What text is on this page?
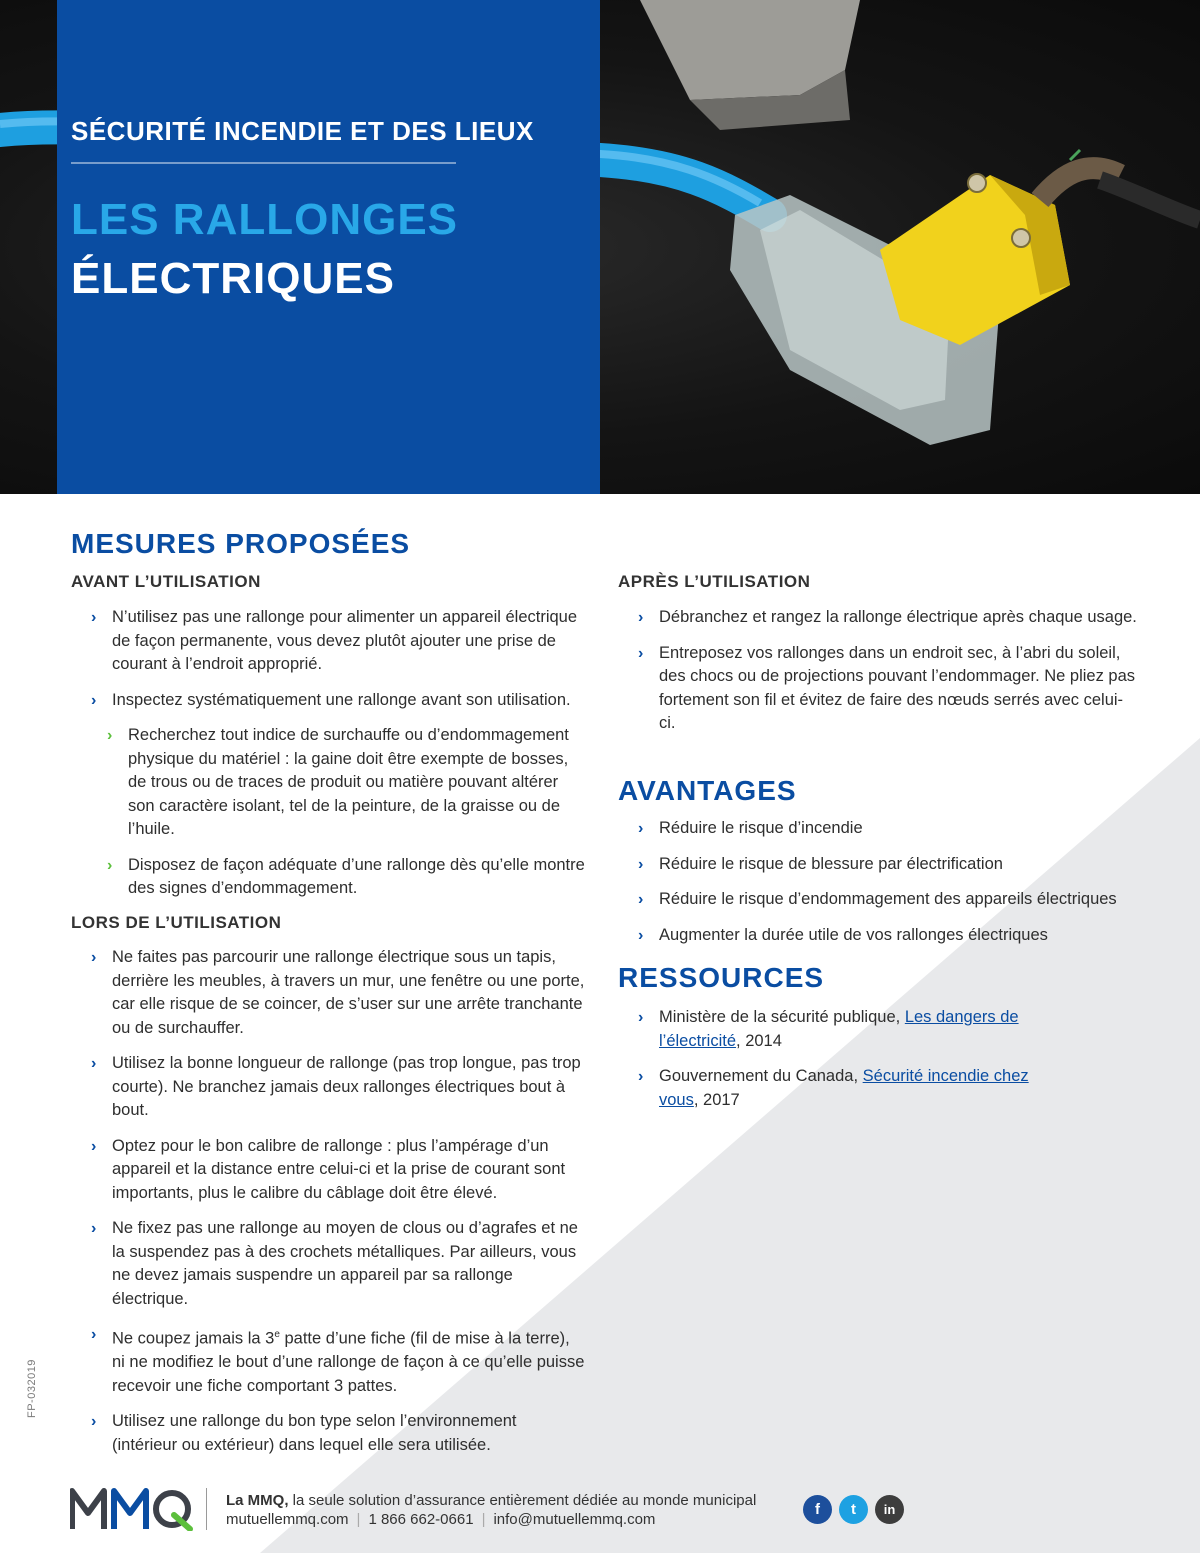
SÉCURITÉ INCENDIE ET DES LIEUX
LES RALLONGES
ÉLECTRIQUES
MESURES PROPOSÉES
AVANT L’UTILISATION
› N’utilisez pas une rallonge pour alimenter un appareil électrique de façon permanente, vous devez plutôt ajouter une prise de courant à l’endroit approprié.
› Inspectez systématiquement une rallonge avant son utilisation.
› Recherchez tout indice de surchauffe ou d’endommagement physique du matériel : la gaine doit être exempte de bosses, de trous ou de traces de produit ou matière pouvant altérer son caractère isolant, tel de la peinture, de la graisse ou de l’huile.
› Disposez de façon adéquate d’une rallonge dès qu’elle montre des signes d’endommagement.
LORS DE L’UTILISATION
› Ne faites pas parcourir une rallonge électrique sous un tapis, derrière les meubles, à travers un mur, une fenêtre ou une porte, car elle risque de se coincer, de s’user sur une arrête tranchante ou de surchauffer.
› Utilisez la bonne longueur de rallonge (pas trop longue, pas trop courte). Ne branchez jamais deux rallonges électriques bout à bout.
› Optez pour le bon calibre de rallonge : plus l’ampérage d’un appareil et la distance entre celui-ci et la prise de courant sont importants, plus le calibre du câblage doit être élevé.
› Ne fixez pas une rallonge au moyen de clous ou d’agrafes et ne la suspendez pas à des crochets métalliques. Par ailleurs, vous ne devez jamais suspendre un appareil par sa rallonge électrique.
› Ne coupez jamais la 3e patte d’une fiche (fil de mise à la terre), ni ne modifiez le bout d’une rallonge de façon à ce qu’elle puisse recevoir une fiche comportant 3 pattes.
› Utilisez une rallonge du bon type selon l’environnement (intérieur ou extérieur) dans lequel elle sera utilisée.
APRÈS L’UTILISATION
› Débranchez et rangez la rallonge électrique après chaque usage.
› Entreposez vos rallonges dans un endroit sec, à l’abri du soleil, des chocs ou de projections pouvant l’endommager. Ne pliez pas fortement son fil et évitez de faire des nœuds serrés avec celui-ci.
AVANTAGES
› Réduire le risque d’incendie
› Réduire le risque de blessure par électrification
› Réduire le risque d’endommagement des appareils électriques
› Augmenter la durée utile de vos rallonges électriques
RESSOURCES
› Ministère de la sécurité publique, Les dangers de l’électricité, 2014
› Gouvernement du Canada, Sécurité incendie chez vous, 2017
FP-032019
La MMQ, la seule solution d’assurance entièrement dédiée au monde municipal
mutuellemmq.com | 1 866 662-0661 | info@mutuellemmq.com
f	t	in
